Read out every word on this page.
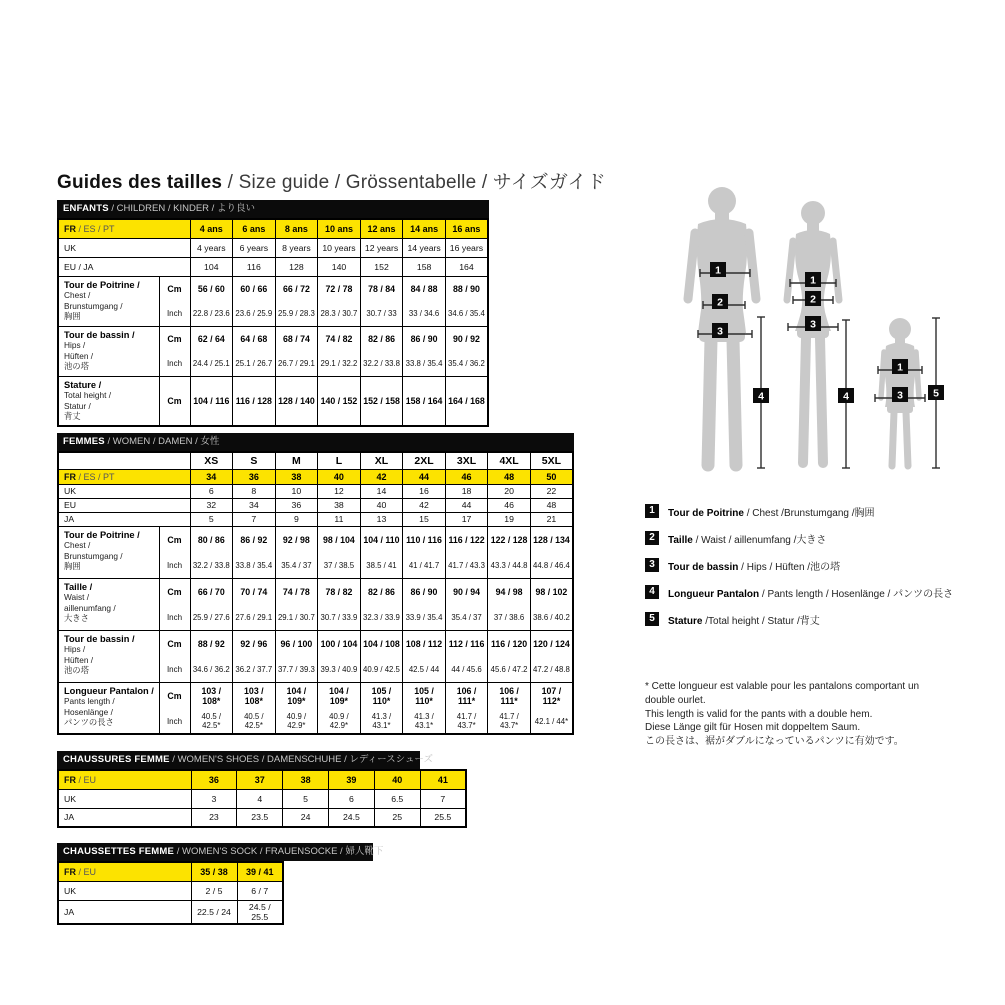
Guides des tailles / Size guide / Grössentabelle / サイズガイド
ENFANTS / CHILDREN / KINDER / より良い
FR / ES / PT		4 ans	6 ans	8 ans	10 ans	12 ans	14 ans	16 ans
UK		4 years	6 years	8 years	10 years	12 years	14 years	16 years
EU / JA		104	116	128	140	152	158	164

Tour de Poitrine /
Chest /
Brunstumgang /
胸囲	Cm	56 / 60	60 / 66	66 / 72	72 / 78	78 / 84	84 / 88	88 / 90
	Inch	22.8 / 23.6	23.6 / 25.9	25.9 / 28.3	28.3 / 30.7	30.7 / 33	33 / 34.6	34.6 / 35.4

Tour de bassin /
Hips /
Hüften /
池の塔	Cm	62 / 64	64 / 68	68 / 74	74 / 82	82 / 86	86 / 90	90 / 92
	Inch	24.4 / 25.1	25.1 / 26.7	26.7 / 29.1	29.1 / 32.2	32.2 / 33.8	33.8 / 35.4	35.4 / 36.2

Stature /
Total height /
Statur /
背丈	Cm	104 / 116	116 / 128	128 / 140	140 / 152	152 / 158	158 / 164	164 / 168
FEMMES / WOMEN / DAMEN / 女性
		XS	S	M	L	XL	2XL	3XL	4XL	5XL
FR / ES / PT		34	36	38	40	42	44	46	48	50
UK		6	8	10	12	14	16	18	20	22
EU		32	34	36	38	40	42	44	46	48
JA		5	7	9	11	13	15	17	19	21

Tour de Poitrine /
Chest /
Brunstumgang /
胸囲	Cm	80 / 86	86 / 92	92 / 98	98 / 104	104 / 110	110 / 116	116 / 122	122 / 128	128 / 134
	Inch	32.2 / 33.8	33.8 / 35.4	35.4 / 37	37 / 38.5	38.5 / 41	41 / 41.7	41.7 / 43.3	43.3 / 44.8	44.8 / 46.4

Taille /
Waist /
aillenumfang /
大きさ	Cm	66 / 70	70 / 74	74 / 78	78 / 82	82 / 86	86 / 90	90 / 94	94 / 98	98 / 102
	Inch	25.9 / 27.6	27.6 / 29.1	29.1 / 30.7	30.7 / 33.9	32.3 / 33.9	33.9 / 35.4	35.4 / 37	37 / 38.6	38.6 / 40.2

Tour de bassin /
Hips /
Hüften /
池の塔	Cm	88 / 92	92 / 96	96 / 100	100 / 104	104 / 108	108 / 112	112 / 116	116 / 120	120 / 124
	Inch	34.6 / 36.2	36.2 / 37.7	37.7 / 39.3	39.3 / 40.9	40.9 / 42.5	42.5 / 44	44 / 45.6	45.6 / 47.2	47.2 / 48.8

Longueur Pantalon /
Pants length /
Hosenlänge /
パンツの長さ	Cm	103 / 108*	103 / 108*	104 / 109*	104 / 109*	105 / 110*	105 / 110*	106 / 111*	106 / 111*	107 / 112*
	Inch	40.5 / 42.5*	40.5 / 42.5*	40.9 / 42.9*	40.9 / 42.9*	41.3 / 43.1*	41.3 / 43.1*	41.7 / 43.7*	41.7 / 43.7*	42.1 / 44*
CHAUSSURES FEMME / WOMEN'S SHOES / DAMENSCHUHE / レディースシューズ
FR / EU	36	37	38	39	40	41
UK	3	4	5	6	6.5	7
JA	23	23.5	24	24.5	25	25.5
CHAUSSETTES FEMME / WOMEN'S SOCK / FRAUENSOCKE / 婦人靴下
FR / EU	35 / 38	39 / 41
UK	2 / 5	6 / 7
JA	22.5 / 24	24.5 / 25.5
1
2
3
4
1
2
3
4
1
3	5
1	Tour de Poitrine / Chest /Brunstumgang /胸囲
2	Taille / Waist / aillenumfang /大きさ
3	Tour de bassin / Hips / Hüften /池の塔
4	Longueur Pantalon / Pants length / Hosenlänge / パンツの長さ
5	Stature /Total height / Statur /背丈
* Cette longueur est valable pour les pantalons comportant un
double ourlet.
This length is valid for the pants with a double hem.
Diese Länge gilt für Hosen mit doppeltem Saum.
この長さは、裾がダブルになっているパンツに有効です。
